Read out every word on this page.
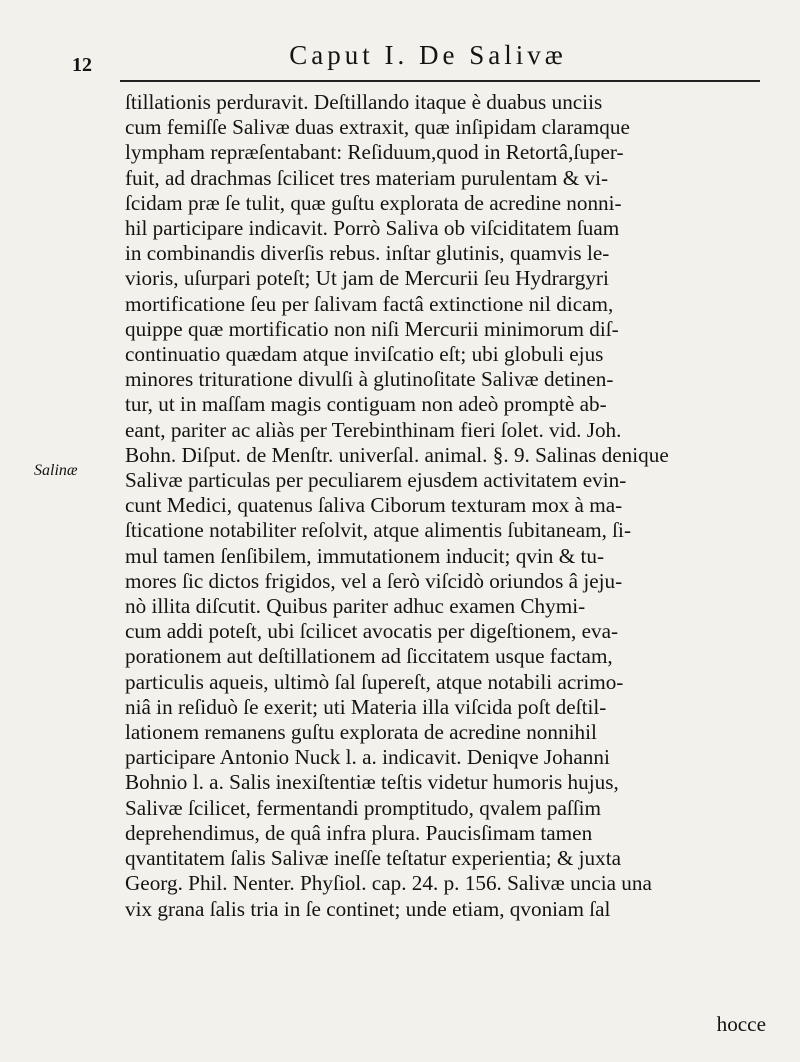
12	Caput I. De Salivæ
Salinæ
ſtillationis perduravit. Deſtillando itaque è duabus unciis
cum femiſſe Salivæ duas extraxit, quæ inſipidam claramque
lympham repræſentabant: Reſiduum,quod in Retortâ,ſuper-
fuit, ad drachmas ſcilicet tres materiam purulentam & vi-
ſcidam præ ſe tulit, quæ guſtu explorata de acredine nonni-
hil participare indicavit. Porrò Saliva ob viſciditatem ſuam
in combinandis diverſis rebus. inſtar glutinis, quamvis le-
vioris, uſurpari poteſt; Ut jam de Mercurii ſeu Hydrargyri
mortificatione ſeu per ſalivam factâ extinctione nil dicam,
quippe quæ mortificatio non niſi Mercurii minimorum diſ-
continuatio quædam atque inviſcatio eſt; ubi globuli ejus
minores trituratione divulſi à glutinoſitate Salivæ detinen-
tur, ut in maſſam magis contiguam non adeò promptè ab-
eant, pariter ac aliàs per Terebinthinam fieri ſolet. vid. Joh.
Bohn. Diſput. de Menſtr. univerſal. animal. §. 9. Salinas denique
Salivæ particulas per peculiarem ejusdem activitatem evin-
cunt Medici, quatenus ſaliva Ciborum texturam mox à ma-
ſticatione notabiliter reſolvit, atque alimentis ſubitaneam, ſi-
mul tamen ſenſibilem, immutationem inducit; qvin & tu-
mores ſic dictos frigidos, vel a ſerò viſcidò oriundos â jeju-
nò illita diſcutit. Quibus pariter adhuc examen Chymi-
cum addi poteſt, ubi ſcilicet avocatis per digeſtionem, eva-
porationem aut deſtillationem ad ſiccitatem usque factam,
particulis aqueis, ultimò ſal ſupereſt, atque notabili acrimo-
niâ in reſiduò ſe exerit; uti Materia illa viſcida poſt deſtil-
lationem remanens guſtu explorata de acredine nonnihil
participare Antonio Nuck l. a. indicavit. Deniqve Johanni
Bohnio l. a. Salis inexiſtentiæ teſtis videtur humoris hujus,
Salivæ ſcilicet, fermentandi promptitudo, qvalem paſſim
deprehendimus, de quâ infra plura. Paucisſimam tamen
qvantitatem ſalis Salivæ ineſſe teſtatur experientia; & juxta
Georg. Phil. Nenter. Phyſiol. cap. 24. p. 156. Salivæ uncia una
vix grana ſalis tria in ſe continet; unde etiam, qvoniam ſal
hocce
